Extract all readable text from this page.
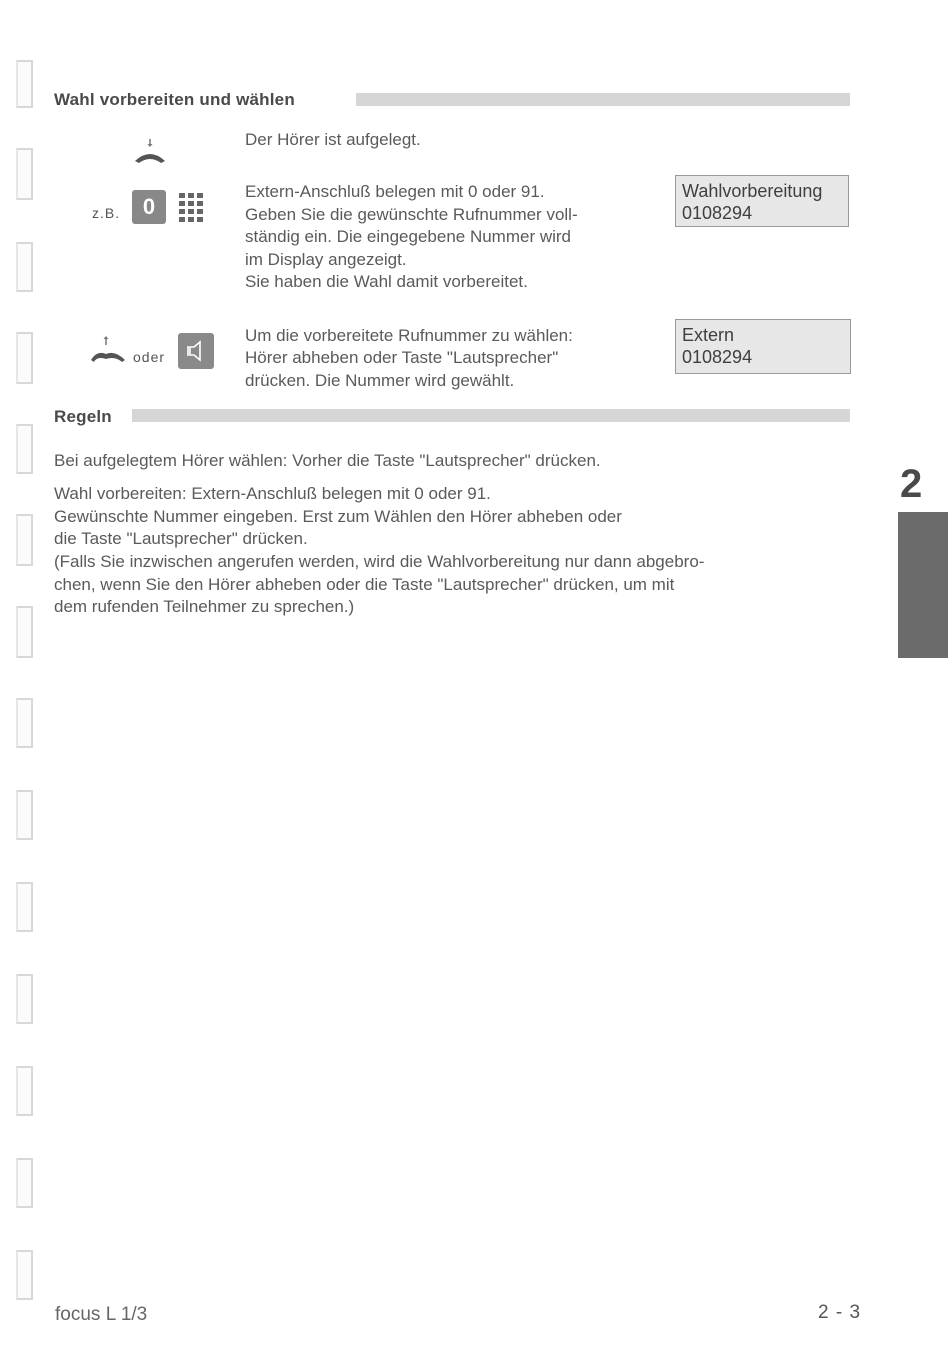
Wahl vorbereiten und wählen
Der Hörer ist aufgelegt.
z.B.	0
Extern-Anschluß belegen mit 0 oder 91.
Geben Sie die gewünschte Rufnummer voll-
ständig ein. Die eingegebene Nummer wird
im Display angezeigt.
Sie haben die Wahl damit vorbereitet.
Wahlvorbereitung
0108294
oder
Um die vorbereitete Rufnummer zu wählen:
Hörer abheben oder Taste "Lautsprecher"
drücken. Die Nummer wird gewählt.
Extern
0108294
Regeln
Bei aufgelegtem Hörer wählen: Vorher die Taste "Lautsprecher" drücken.
Wahl vorbereiten: Extern-Anschluß belegen mit 0 oder 91.
Gewünschte Nummer eingeben. Erst zum Wählen den Hörer abheben oder
die Taste "Lautsprecher" drücken.
(Falls Sie inzwischen angerufen werden, wird die Wahlvorbereitung nur dann abgebro-
chen, wenn Sie den Hörer abheben oder die Taste "Lautsprecher" drücken, um mit
dem rufenden Teilnehmer zu sprechen.)
2
focus L 1/3	2 - 3
